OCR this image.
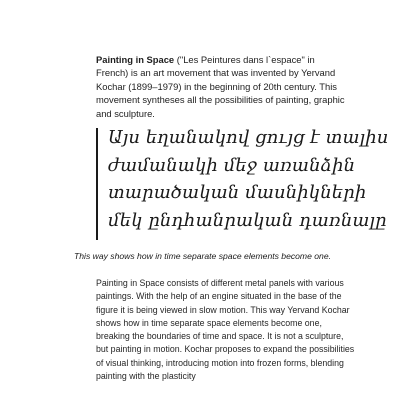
Painting in Space ("Les Peintures dans l`espace" in French) is an art movement that was invented by Yervand Kochar (1899–1979) in the beginning of 20th century. This movement syntheses all the possibilities of painting, graphic and sculpture.
Այս եղանակով ցույց է տալիս
ժամանակի մեջ առանձին
տարածական մասնիկների
մեկ ընդհանրական դառնալը
This way shows how in time separate space elements become one.
Painting in Space consists of different metal panels with various paintings. With the help of an engine situated in the base of the figure it is being viewed in slow motion. This way Yervand Kochar shows how in time separate space elements become one, breaking the boundaries of time and space. It is not a sculpture, but painting in motion. Kochar proposes to expand the possibilities of visual thinking, introducing motion into frozen forms, blending painting with the plasticity
